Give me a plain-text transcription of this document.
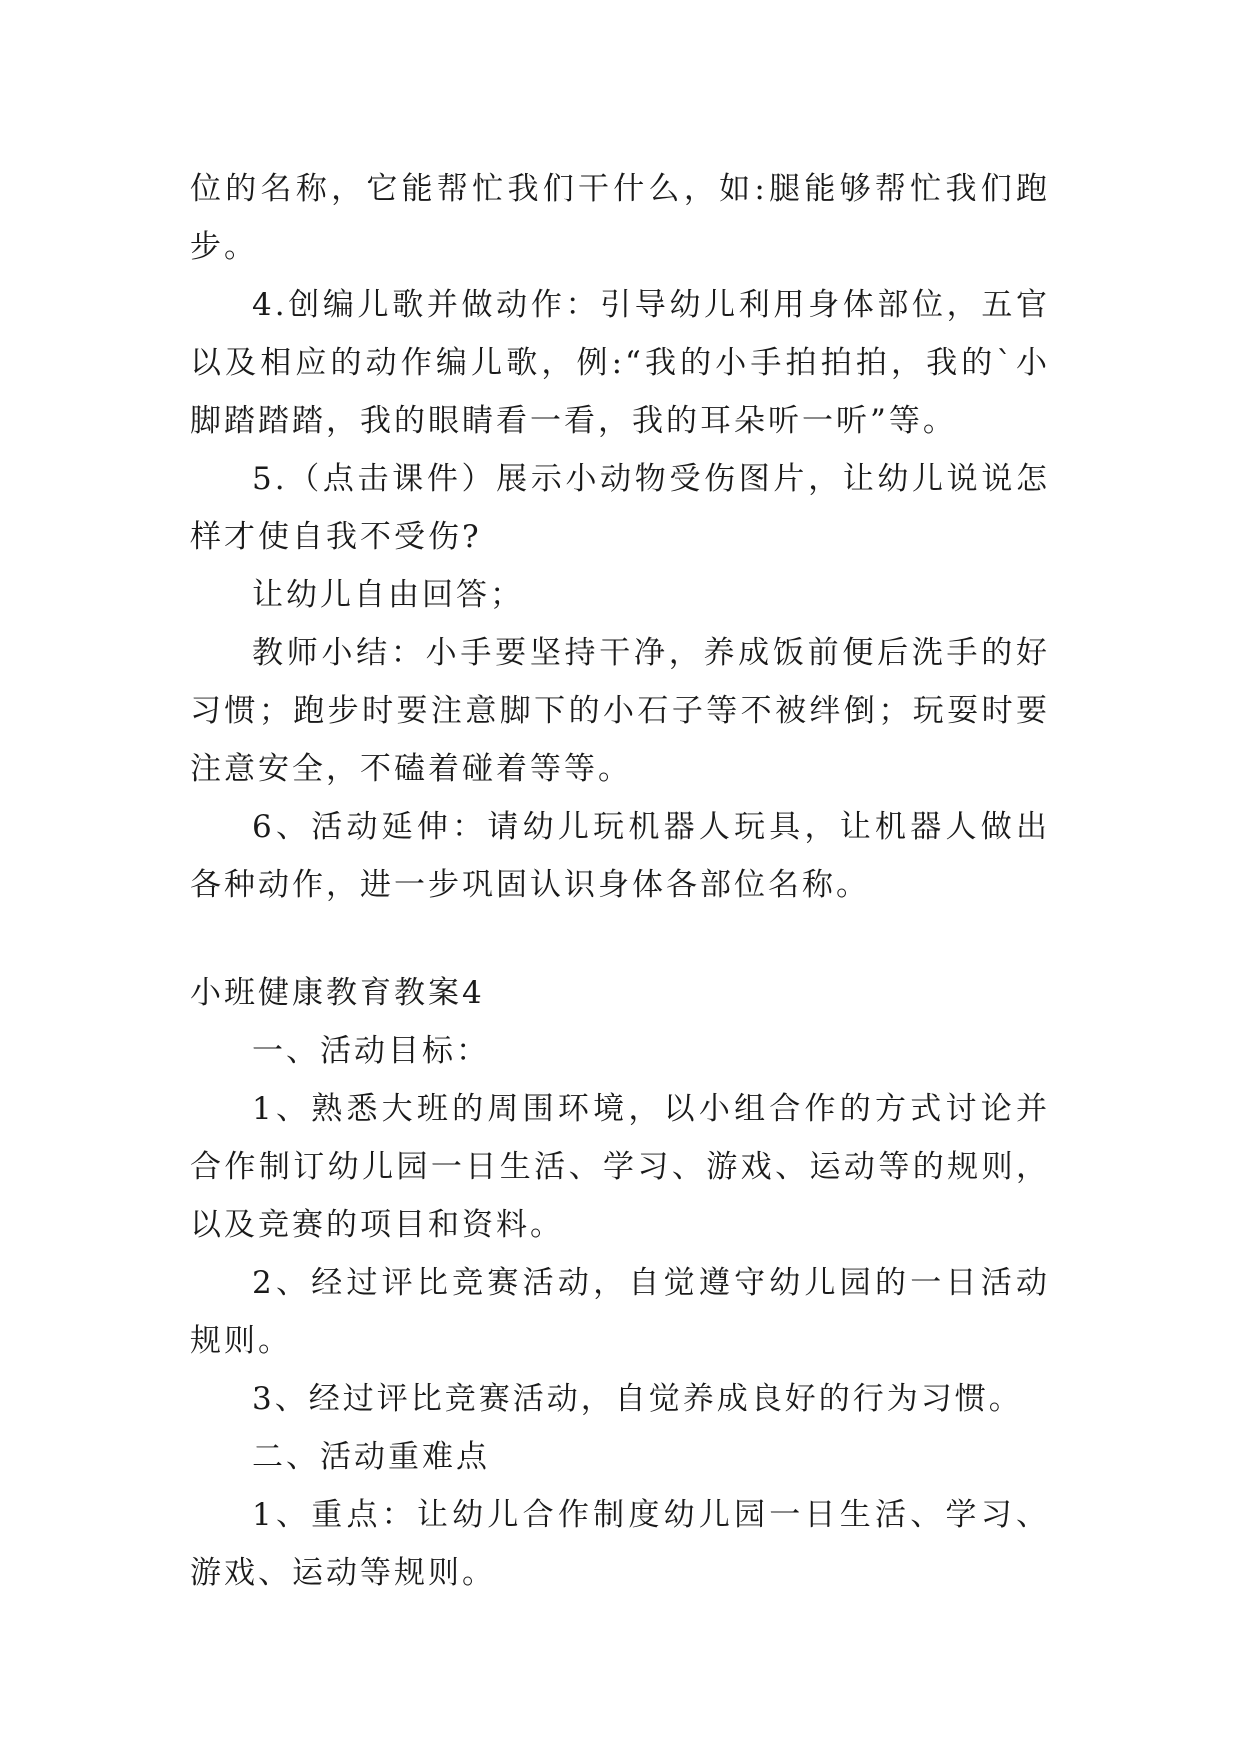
位的名称，它能帮忙我们干什么，如:腿能够帮忙我们跑步。

4.创编儿歌并做动作：引导幼儿利用身体部位，五官以及相应的动作编儿歌，例:“我的小手拍拍拍，我的`小脚踏踏踏，我的眼睛看一看，我的耳朵听一听”等。

5.（点击课件）展示小动物受伤图片，让幼儿说说怎样才使自我不受伤?

让幼儿自由回答；

教师小结：小手要坚持干净，养成饭前便后洗手的好习惯；跑步时要注意脚下的小石子等不被绊倒；玩耍时要注意安全，不磕着碰着等等。

6、活动延伸：请幼儿玩机器人玩具，让机器人做出各种动作，进一步巩固认识身体各部位名称。

小班健康教育教案4

一、活动目标：

1、熟悉大班的周围环境，以小组合作的方式讨论并合作制订幼儿园一日生活、学习、游戏、运动等的规则，以及竞赛的项目和资料。

2、经过评比竞赛活动，自觉遵守幼儿园的一日活动规则。

3、经过评比竞赛活动，自觉养成良好的行为习惯。

二、活动重难点

1、重点：让幼儿合作制度幼儿园一日生活、学习、游戏、运动等规则。
